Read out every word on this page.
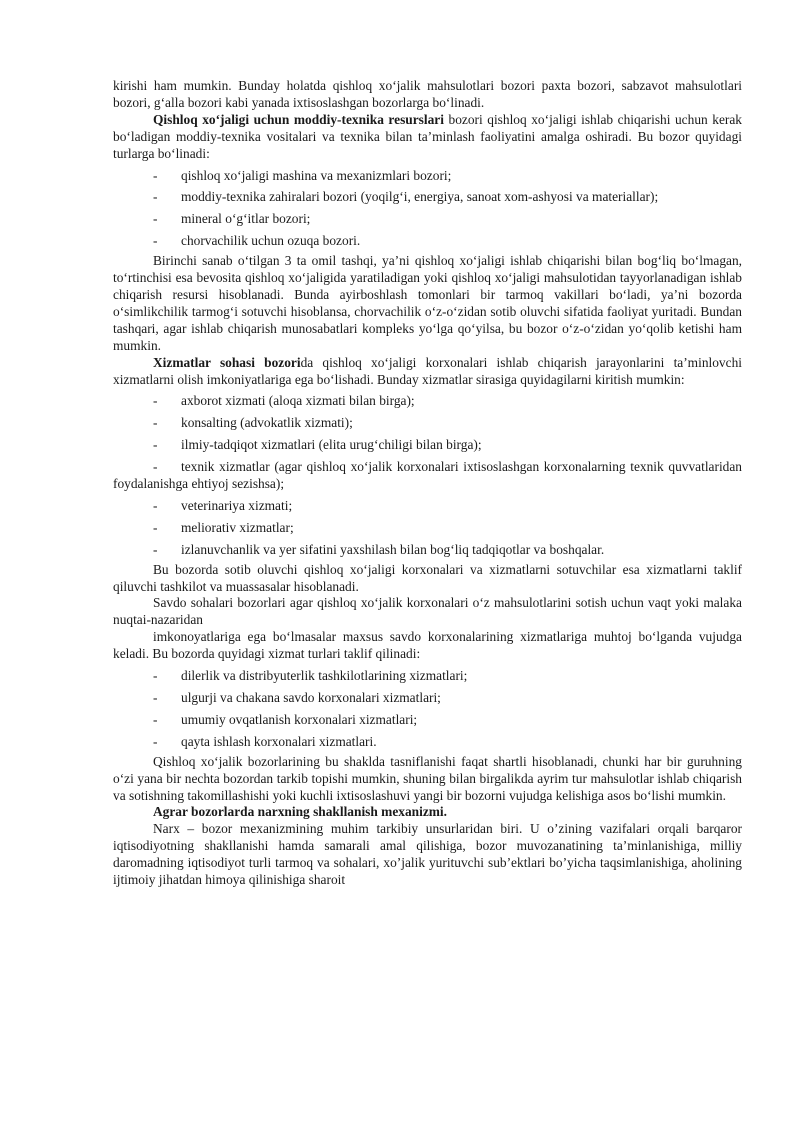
kirishi ham mumkin. Bunday holatda qishloq xo‘jalik mahsulotlari bozori paxta bozori, sabzavot mahsulotlari bozori, g‘alla bozori kabi yanada ixtisoslashgan bozorlarga bo‘linadi.

Qishloq xo‘jaligi uchun moddiy-texnika resurslari bozori qishloq xo‘jaligi ishlab chiqarishi uchun kerak bo‘ladigan moddiy-texnika vositalari va texnika bilan ta’minlash faoliyatini amalga oshiradi. Bu bozor quyidagi turlarga bo‘linadi:

- qishloq xo‘jaligi mashina va mexanizmlari bozori;

- moddiy-texnika zahiralari bozori (yoqilg‘i, energiya, sanoat xom-ashyosi va materiallar);

- mineral o‘g‘itlar bozori;

- chorvachilik uchun ozuqa bozori.

Birinchi sanab o‘tilgan 3 ta omil tashqi, ya’ni qishloq xo‘jaligi ishlab chiqarishi bilan bog‘liq bo‘lmagan, to‘rtinchisi esa bevosita qishloq xo‘jaligida yaratiladigan yoki qishloq xo‘jaligi mahsulotidan tayyorlanadigan ishlab chiqarish resursi hisoblanadi. Bunda ayirboshlash tomonlari bir tarmoq vakillari bo‘ladi, ya’ni bozorda o‘simlikchilik tarmog‘i sotuvchi hisoblansa, chorvachilik o‘z-o‘zidan sotib oluvchi sifatida faoliyat yuritadi. Bundan tashqari, agar ishlab chiqarish munosabatlari kompleks yo‘lga qo‘yilsa, bu bozor o‘z-o‘zidan yo‘qolib ketishi ham mumkin.

Xizmatlar sohasi bozorida qishloq xo‘jaligi korxonalari ishlab chiqarish jarayonlarini ta’minlovchi xizmatlarni olish imkoniyatlariga ega bo‘lishadi. Bunday xizmatlar sirasiga quyidagilarni kiritish mumkin:

- axborot xizmati (aloqa xizmati bilan birga);

- konsalting (advokatlik xizmati);

- ilmiy-tadqiqot xizmatlari (elita urug‘chiligi bilan birga);

- texnik xizmatlar (agar qishloq xo‘jalik korxonalari ixtisoslashgan korxonalarning texnik quvvatlaridan foydalanishga ehtiyoj sezishsa);

- veterinariya xizmati;

- meliorativ xizmatlar;

- izlanuvchanlik va yer sifatini yaxshilash bilan bog‘liq tadqiqotlar va boshqalar.

Bu bozorda sotib oluvchi qishloq xo‘jaligi korxonalari va xizmatlarni sotuvchilar esa xizmatlarni taklif qiluvchi tashkilot va muassasalar hisoblanadi.

Savdo sohalari bozorlari agar qishloq xo‘jalik korxonalari o‘z mahsulotlarini sotish uchun vaqt yoki malaka nuqtai-nazaridan

imkonoyatlariga ega bo‘lmasalar maxsus savdo korxonalarining xizmatlariga muhtoj bo‘lganda vujudga keladi. Bu bozorda quyidagi xizmat turlari taklif qilinadi:

- dilerlik va distribyuterlik tashkilotlarining xizmatlari;

- ulgurji va chakana savdo korxonalari xizmatlari;

- umumiy ovqatlanish korxonalari xizmatlari;

- qayta ishlash korxonalari xizmatlari.

Qishloq xo‘jalik bozorlarining bu shaklda tasniflanishi faqat shartli hisoblanadi, chunki har bir guruhning o‘zi yana bir nechta bozordan tarkib topishi mumkin, shuning bilan birgalikda ayrim tur mahsulotlar ishlab chiqarish va sotishning takomillashishi yoki kuchli ixtisoslashuvi yangi bir bozorni vujudga kelishiga asos bo‘lishi mumkin.

Agrar bozorlarda narxning shakllanish mexanizmi.

Narx – bozor mexanizmining muhim tarkibiy unsurlaridan biri. U o’zining vazifalari orqali barqaror iqtisodiyotning shakllanishi hamda samarali amal qilishiga, bozor muvozanatining ta’minlanishiga, milliy daromadning iqtisodiyot turli tarmoq va sohalari, xo’jalik yurituvchi sub’ektlari bo’yicha taqsimlanishiga, aholining ijtimoiy jihatdan himoya qilinishiga sharoit
